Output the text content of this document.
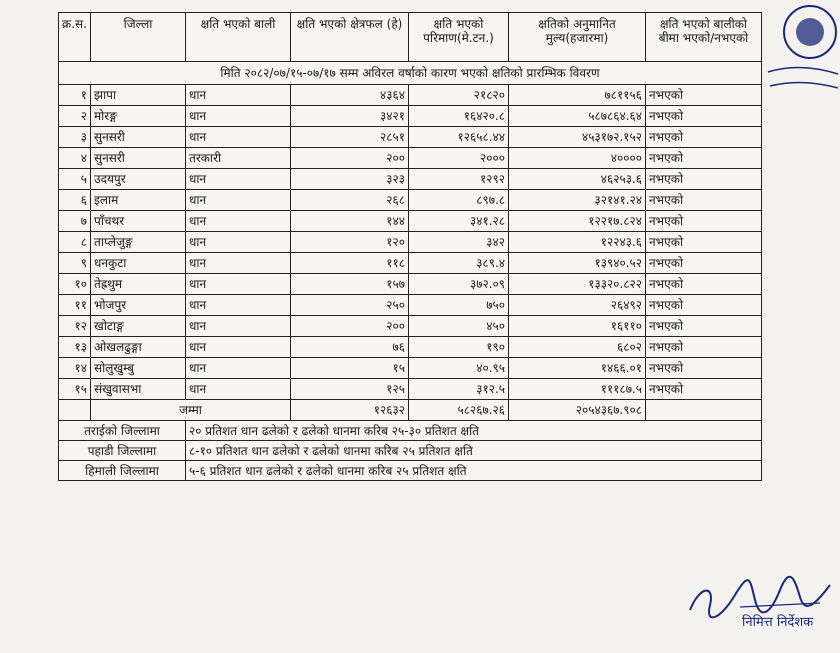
मिति २०८२/०७/१५-०७/१७ सम्म अविरल वर्षाको कारण भएको क्षतिको प्रारम्भिक विवरण						
क्र.स.	जिल्ला	क्षति भएको बाली	क्षति भएको क्षेत्रफल (हे)	क्षति भएको परिमाण(मे.टन.)	क्षतिको अनुमानित मुल्य(हजारमा)	क्षति भएको बालीको बीमा भएको/नभएको
१	झापा	धान	४३६४	२१८२०	७८११५६	नभएको
२	मोरङ्ग	धान	३४२१	१६४२०.८	५८७८६४.६४	नभएको
३	सुनसरी	धान	२८५१	१२६५८.४४	४५३१७२.१५२	नभएको
४	सुनसरी	तरकारी	२००	२०००	४००००	नभएको
५	उदयपुर	धान	३२३	१२९२	४६२५३.६	नभएको
६	इलाम	धान	२६८	८९७.८	३२१४१.२४	नभएको
७	पाँचथर	धान	१४४	३४१.२८	१२२१७.८२४	नभएको
८	ताप्लेजुङ्ग	धान	१२०	३४२	१२२४३.६	नभएको
९	धनकुटा	धान	११८	३८९.४	१३९४०.५२	नभएको
१०	तेह्रथुम	धान	१५७	३७२.०९	१३३२०.८२२	नभएको
११	भोजपुर	धान	२५०	७५०	२६४९२	नभएको
१२	खोटाङ्ग	धान	२००	४५०	१६११०	नभएको
१३	ओखलढुङ्गा	धान	७६	१९०	६८०२	नभएको
१४	सोलुखुम्बु	धान	१५	४०.९५	१४६६.०१	नभएको
१५	संखुवासभा	धान	१२५	३१२.५	१११८७.५	नभएको
	जम्मा		१२६३२	५८२६७.२६	२०५४३६७.९०८	
तराईको जिल्लामा		२० प्रतिशत धान ढलेको र ढलेको धानमा करिब २५-३० प्रतिशत क्षति				
पहाडी जिल्लामा		८-१० प्रतिशत धान ढलेको र ढलेको धानमा करिब २५ प्रतिशत क्षति				
हिमाली जिल्लामा		५-६ प्रतिशत धान ढलेको र ढलेको धानमा करिब २५ प्रतिशत क्षति				
निमित्त निर्देशक
